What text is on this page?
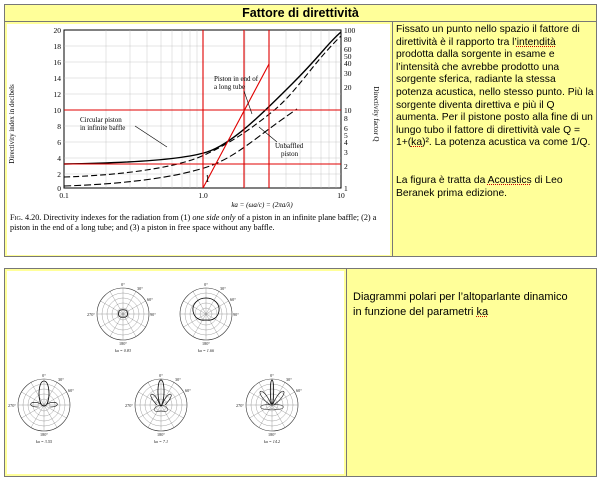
Fattore di direttività
Directivity index in decibels	Directivity factor Q
20
18
16
14
12
10
8
6
4
2
0
100
80
60
50
40
30
20
10
8
6
5
4
3
2
1
0.1	1.0	10
ka = (ωa/c) = (2πa/λ)
Piston in end of
a long tube
Circular piston
in infinite baffle
Unbaffled
piston
1
Fig. 4.20. Directivity indexes for the radiation from (1) one side only of a piston in an infinite plane baffle; (2) a piston in the end of a long tube; and (3) a piston in free space without any baffle.

Fissato un punto nello spazio il fattore di direttività è il rapporto tra l’intendità prodotta dalla sorgente in esame e l’intensità che avrebbe prodotto una sorgente sferica, radiante la stessa potenza acustica, nello stesso punto. Più la sorgente diventa direttiva e più il Q aumenta. Per il pistone posto alla fine di un lungo tubo il fattore di direttività vale Q = 1+(ka)². La potenza acustica va come 1/Q.

La figura è tratta da Acoustics di Leo Beranek prima edizione.

0°
30°
60°
90°
270°
180°
ka = 0.83
0°
30°
60°
90°
180°
ka = 1.66
0°
30°
60°
270°
180°
ka = 3.55
0°
30°
60°
270°
180°
ka = 7.1
0°
30°
60°
270°
180°
ka = 14.2
Diagrammi polari per l’altoparlante dinamico in funzione del parametri ka
